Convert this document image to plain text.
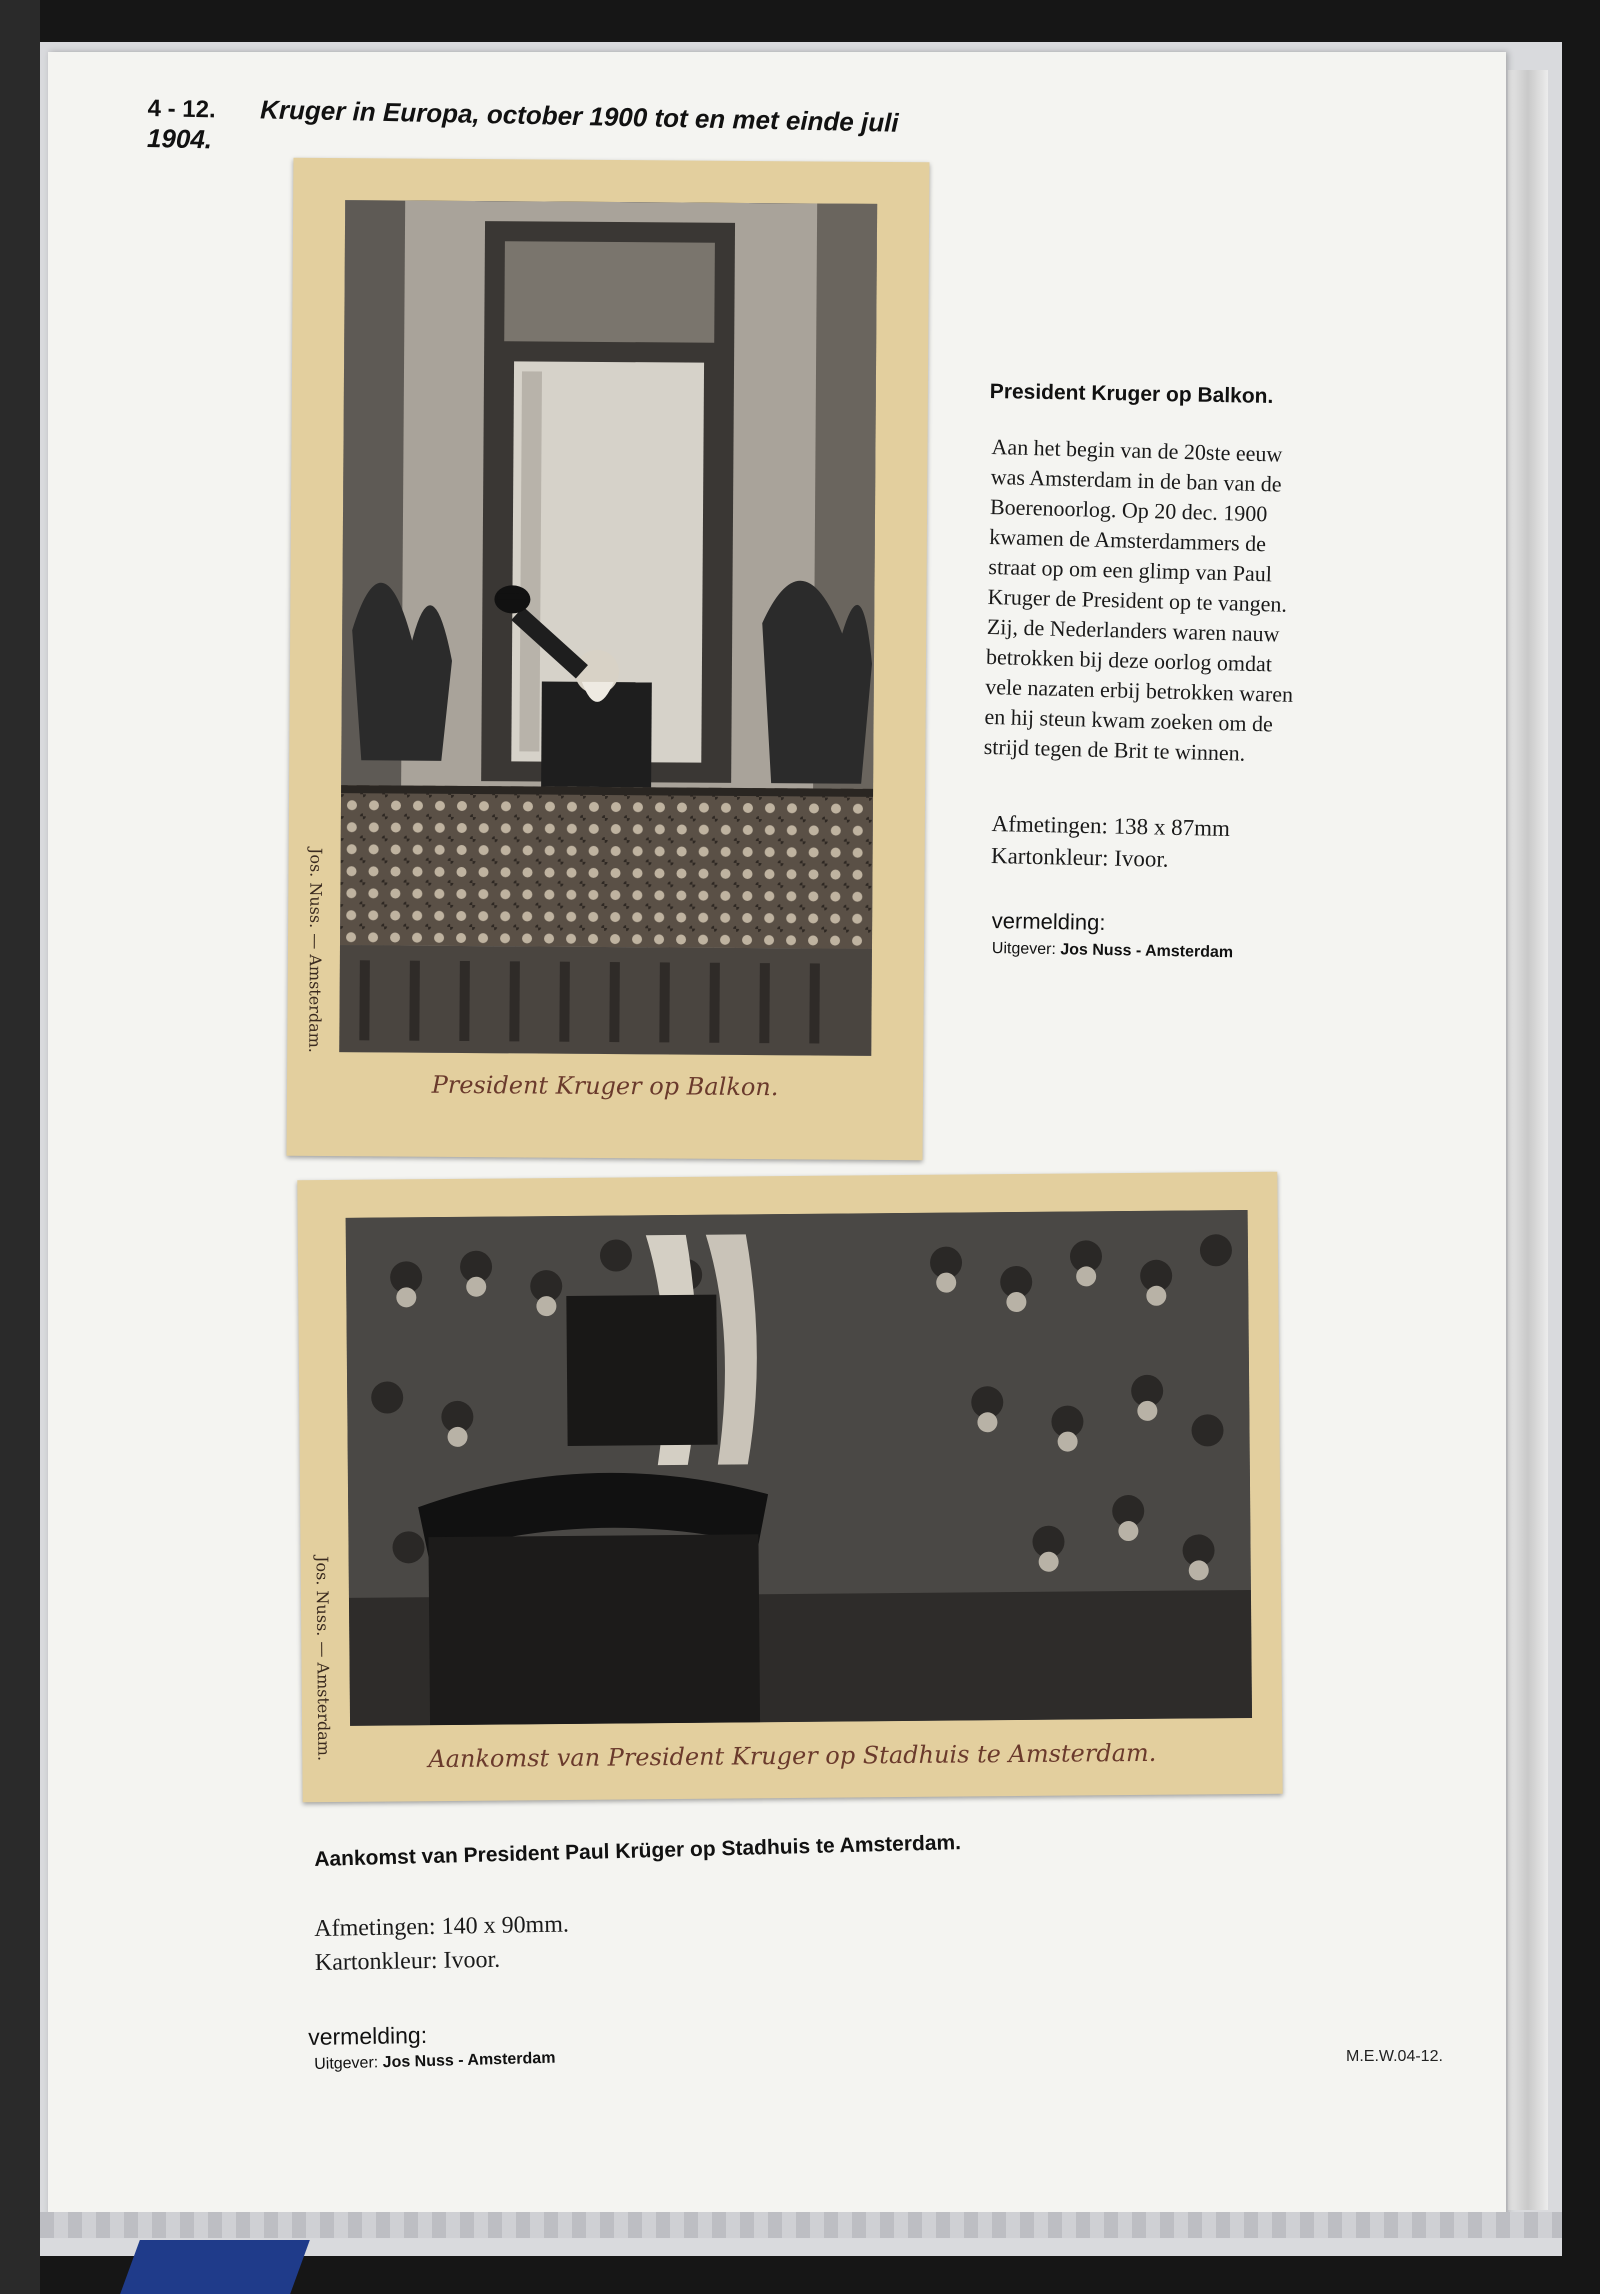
4 - 12. Kruger in Europa, october 1900 tot en met einde juli 1904.
Jos. Nuss. — Amsterdam.
President Kruger op Balkon.
Jos. Nuss. — Amsterdam.	Aankomst van President Kruger op Stadhuis te Amsterdam.
President Kruger op Balkon.
Aan het begin van de 20ste eeuw
was Amsterdam in de ban van de
Boerenoorlog. Op 20 dec. 1900
kwamen de Amsterdammers de
straat op om een glimp van Paul
Kruger de President op te vangen.
Zij, de Nederlanders waren nauw
betrokken bij deze oorlog omdat
vele nazaten erbij betrokken waren
en hij steun kwam zoeken om de
strijd tegen de Brit te winnen.
Afmetingen: 138 x 87mm
Kartonkleur: Ivoor.
vermelding:
Uitgever: Jos Nuss - Amsterdam
Aankomst van President Paul Krüger op Stadhuis te Amsterdam.
Afmetingen: 140 x 90mm.
Kartonkleur: Ivoor.
vermelding:
Uitgever: Jos Nuss - Amsterdam	M.E.W.04-12.
